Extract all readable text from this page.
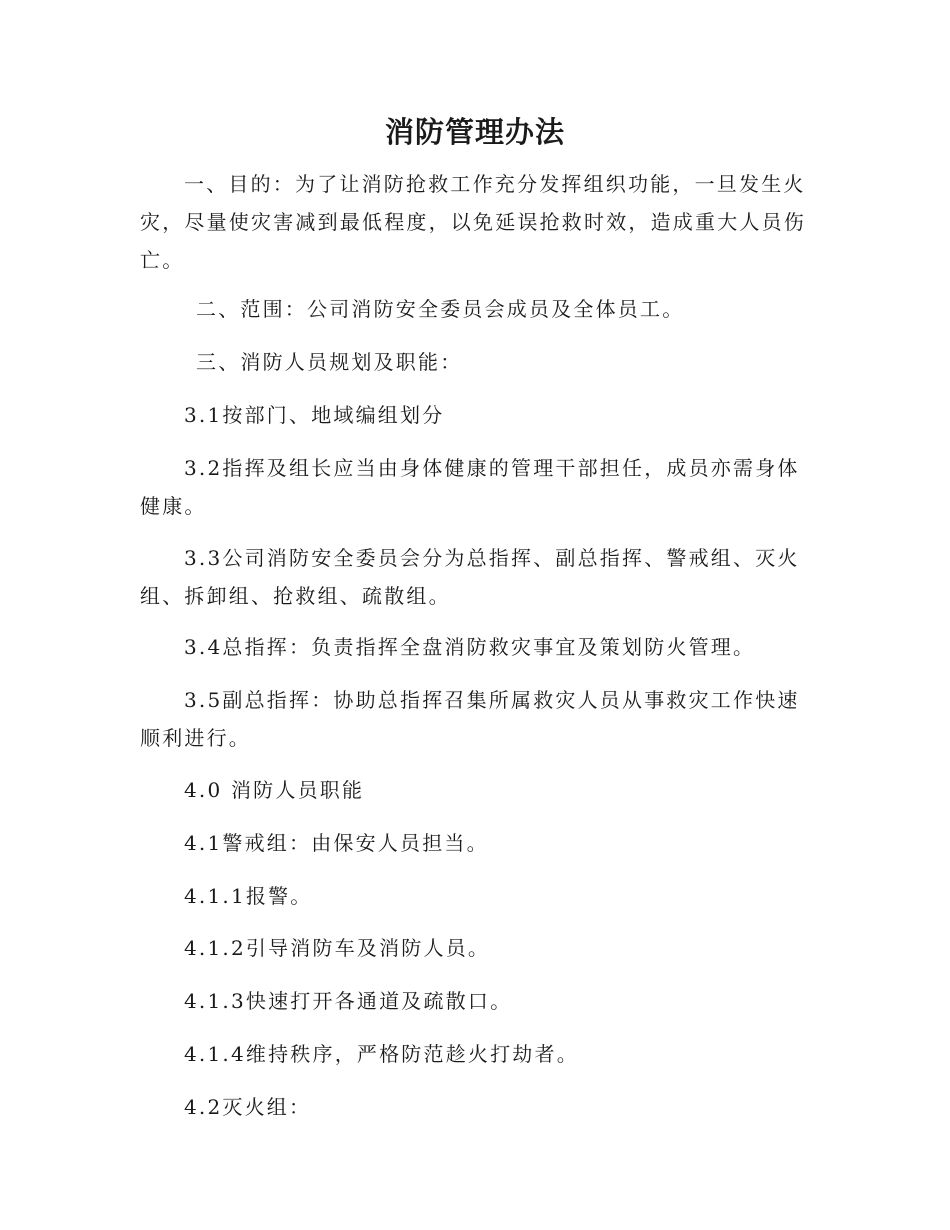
消防管理办法

一、目的：为了让消防抢救工作充分发挥组织功能，一旦发生火灾，尽量使灾害减到最低程度，以免延误抢救时效，造成重大人员伤亡。

二、范围：公司消防安全委员会成员及全体员工。

三、消防人员规划及职能：

3.1按部门、地域编组划分

3.2指挥及组长应当由身体健康的管理干部担任，成员亦需身体健康。

3.3公司消防安全委员会分为总指挥、副总指挥、警戒组、灭火组、拆卸组、抢救组、疏散组。

3.4总指挥：负责指挥全盘消防救灾事宜及策划防火管理。

3.5副总指挥：协助总指挥召集所属救灾人员从事救灾工作快速顺利进行。

4.0 消防人员职能

4.1警戒组：由保安人员担当。

4.1.1报警。

4.1.2引导消防车及消防人员。

4.1.3快速打开各通道及疏散口。

4.1.4维持秩序，严格防范趁火打劫者。

4.2灭火组：
